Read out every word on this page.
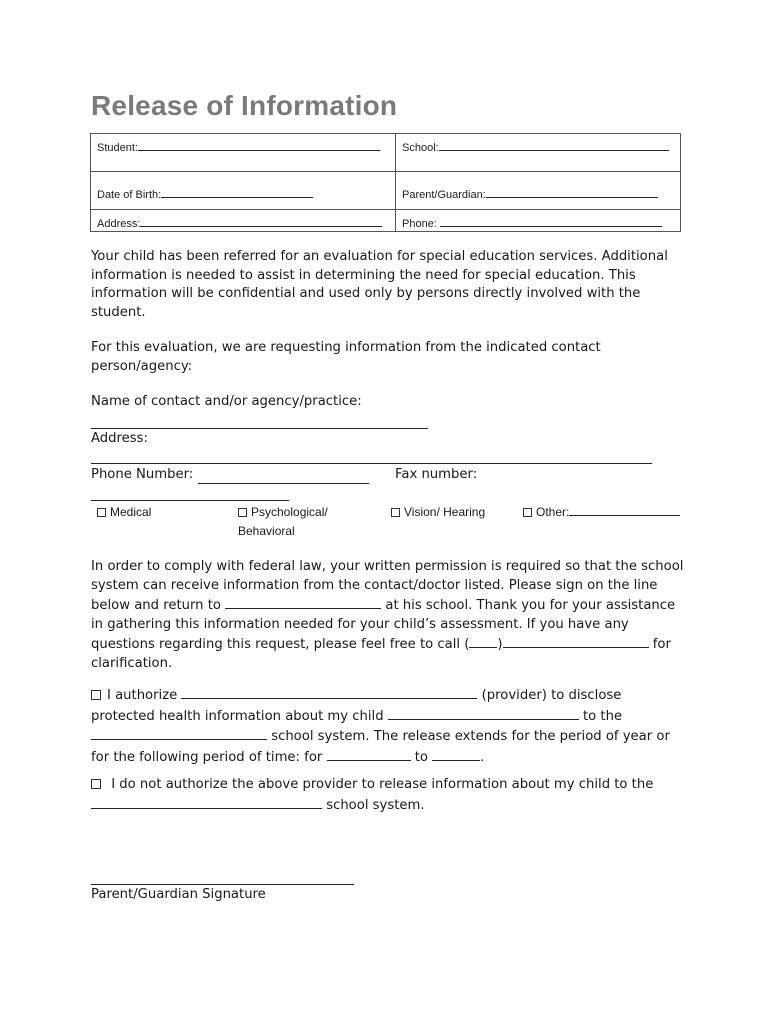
Release of Information
Student:	School:

Date of Birth:	Parent/Guardian:

Address:	Phone:

Your child has been referred for an evaluation for special education services. Additional information is needed to assist in determining the need for special education. This information will be confidential and used only by persons directly involved with the student.

For this evaluation, we are requesting information from the indicated contact person/agency:

Name of contact and/or agency/practice:
Address:
Phone Number:	Fax number:
Medical	Psychological/
Behavioral
Vision/ Hearing	Other:

In order to comply with federal law, your written permission is required so that the school system can receive information from the contact/doctor listed. Please sign on the line below and return to	at his school. Thank you for your assistance in gathering this information needed for your child’s assessment. If you have any questions regarding this request, please feel free to call ( )	for clarification.

I authorize	(provider) to disclose protected health information about my child	to the  school system. The release extends for the period of year or for the following period of time: for	to	.

I do not authorize the above provider to release information about my child to the  school system.

Parent/Guardian Signature
